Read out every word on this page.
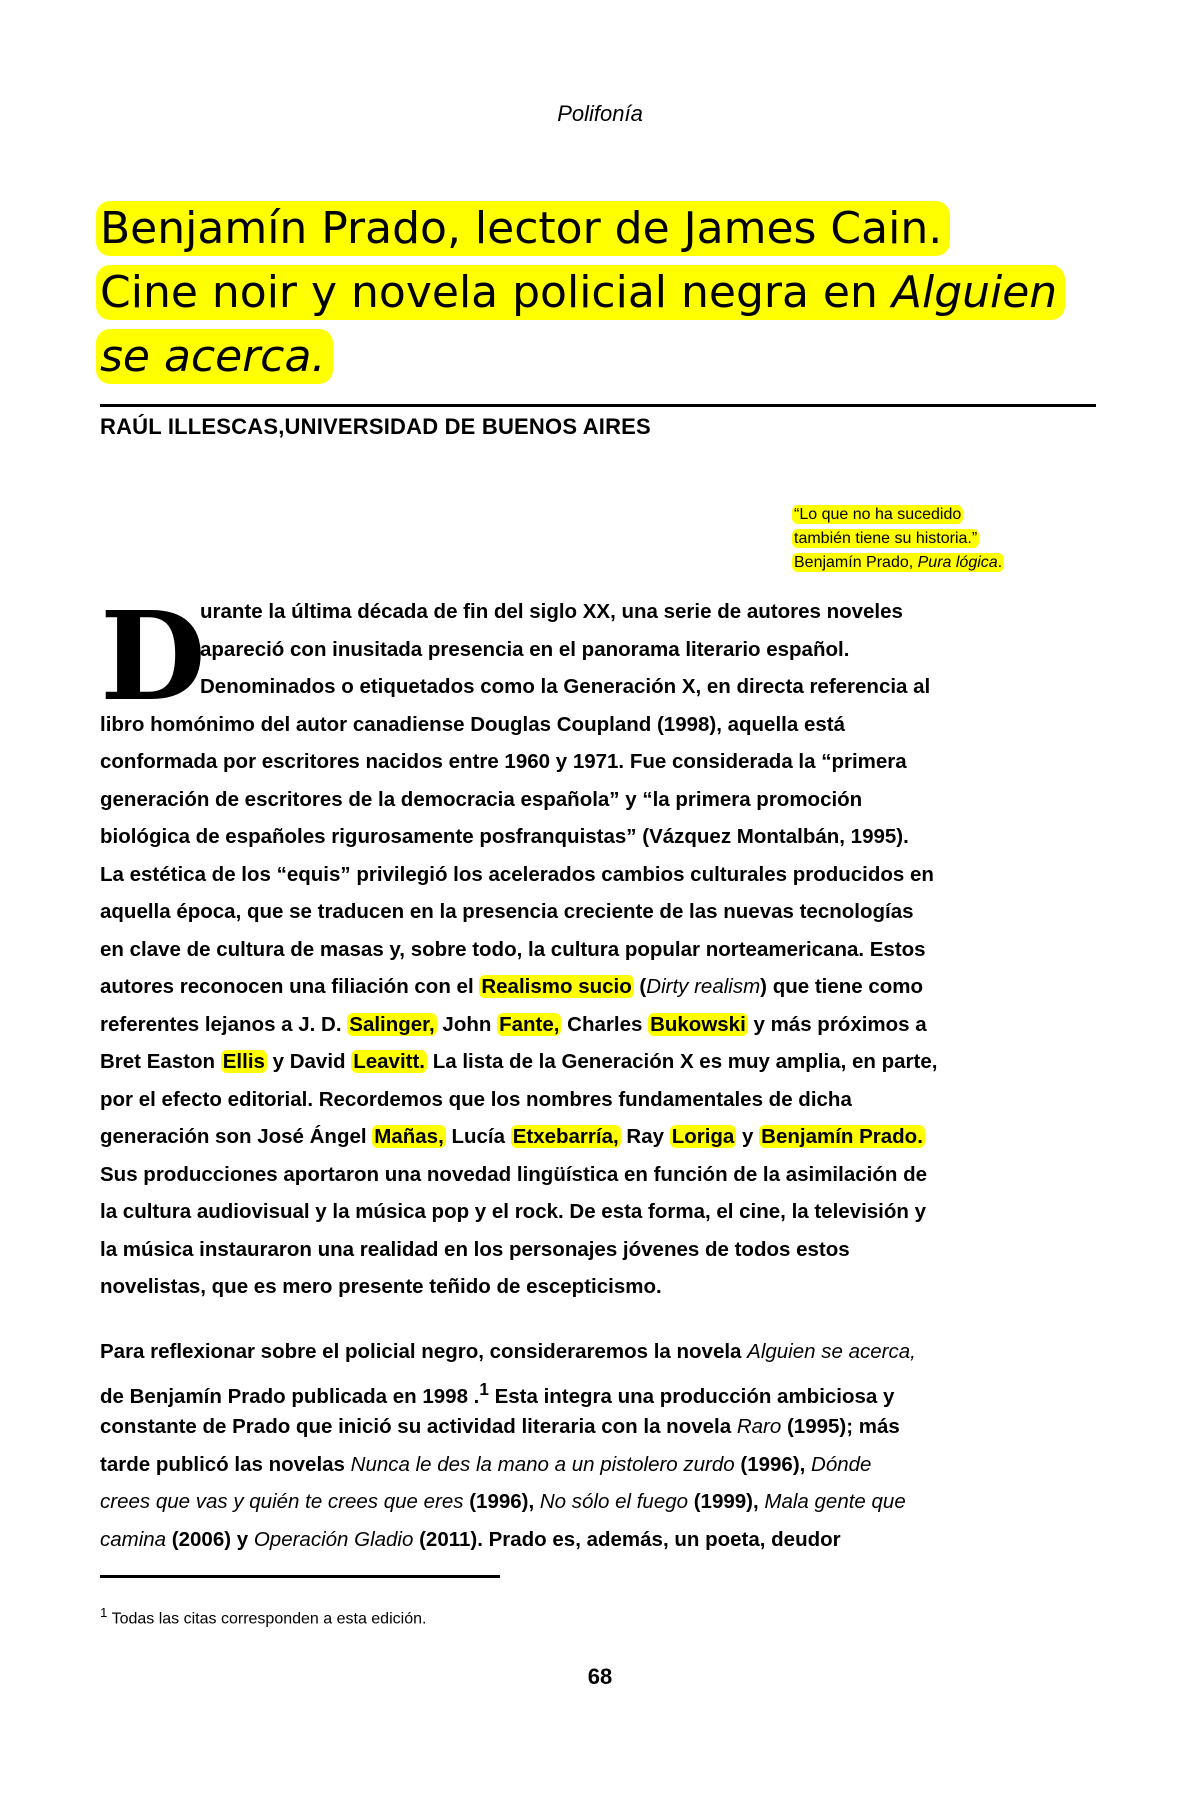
Polifonía
Benjamín Prado, lector de James Cain.
Cine noir y novela policial negra en Alguien
se acerca.
RAÚL ILLESCAS,UNIVERSIDAD DE BUENOS AIRES
“Lo que no ha sucedido
también tiene su historia.”
Benjamín Prado, Pura lógica.
D
urante la última década de fin del siglo XX, una serie de autores noveles
apareció con inusitada presencia en el panorama literario español.
Denominados o etiquetados como la Generación X, en directa referencia al
libro homónimo del autor canadiense Douglas Coupland (1998), aquella está
conformada por escritores nacidos entre 1960 y 1971. Fue considerada la “primera
generación de escritores de la democracia española” y “la primera promoción
biológica de españoles rigurosamente posfranquistas” (Vázquez Montalbán, 1995).
La estética de los “equis” privilegió los acelerados cambios culturales producidos en
aquella época, que se traducen en la presencia creciente de las nuevas tecnologías
en clave de cultura de masas y, sobre todo, la cultura popular norteamericana. Estos
autores reconocen una filiación con el Realismo sucio (Dirty realism) que tiene como
referentes lejanos a J. D. Salinger, John Fante, Charles Bukowski y más próximos a
Bret Easton Ellis y David Leavitt. La lista de la Generación X es muy amplia, en parte,
por el efecto editorial. Recordemos que los nombres fundamentales de dicha
generación son José Ángel Mañas, Lucía Etxebarría, Ray Loriga y Benjamín Prado.
Sus producciones aportaron una novedad lingüística en función de la asimilación de
la cultura audiovisual y la música pop y el rock. De esta forma, el cine, la televisión y
la música instauraron una realidad en los personajes jóvenes de todos estos
novelistas, que es mero presente teñido de escepticismo.
Para reflexionar sobre el policial negro, consideraremos la novela Alguien se acerca,
de Benjamín Prado publicada en 1998 .$^1$ Esta integra una producción ambiciosa y
constante de Prado que inició su actividad literaria con la novela Raro (1995); más
tarde publicó las novelas Nunca le des la mano a un pistolero zurdo (1996), Dónde
crees que vas y quién te crees que eres (1996), No sólo el fuego (1999), Mala gente que
camina (2006) y Operación Gladio (2011). Prado es, además, un poeta, deudor
$^1$ Todas las citas corresponden a esta edición.
68
